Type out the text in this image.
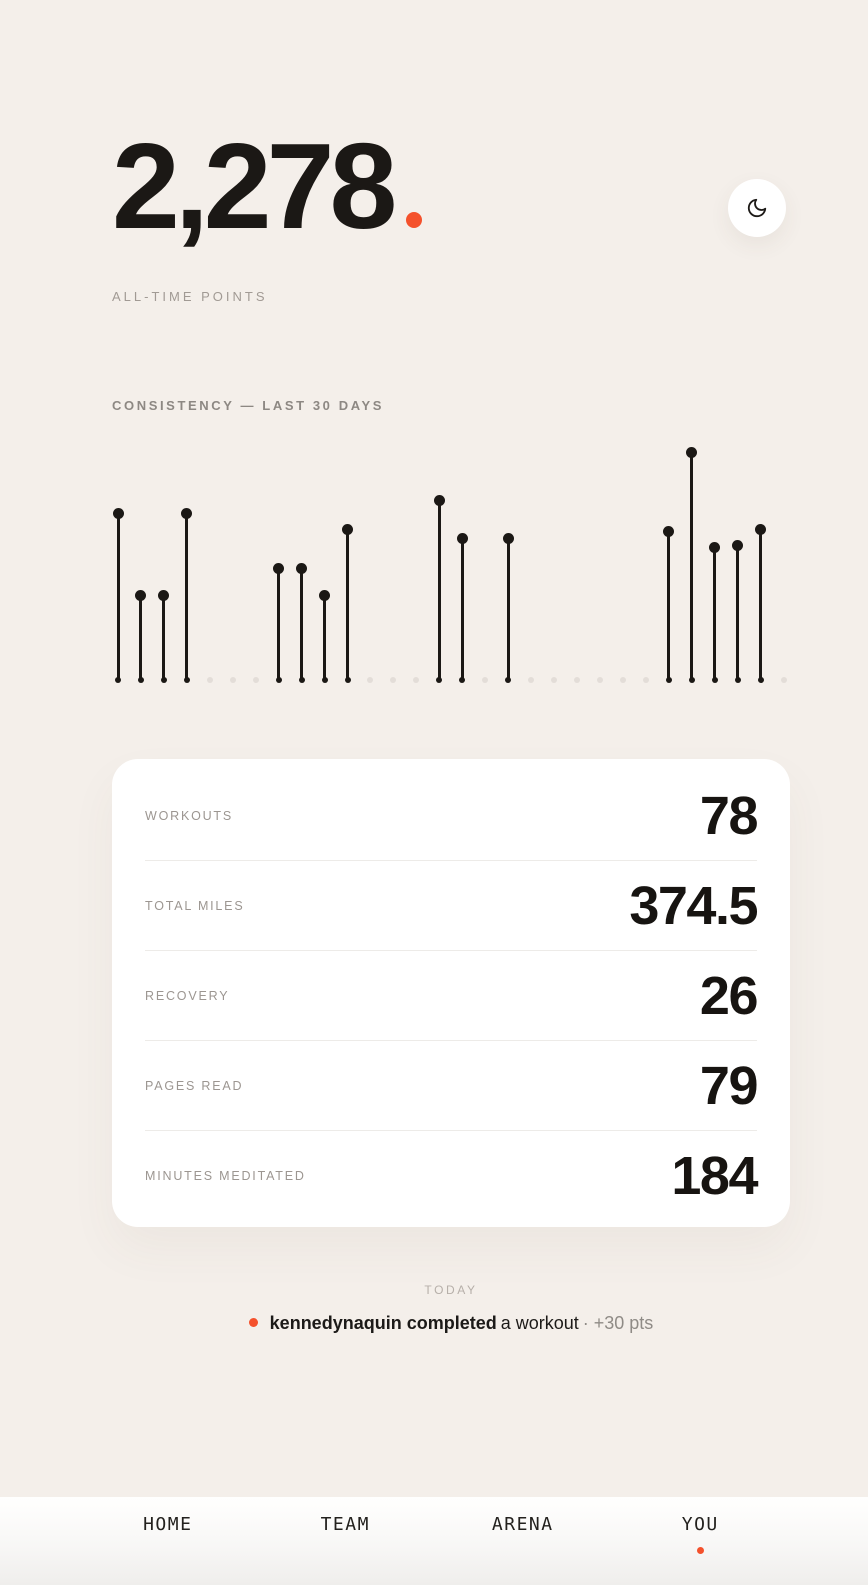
2,278
ALL-TIME POINTS
CONSISTENCY — LAST 30 DAYS
WORKOUTS	78
TOTAL MILES	374.5
RECOVERY	26
PAGES READ	79
MINUTES MEDITATED	184
TODAY
kennedynaquin completed a workout · +30 pts
HOME	TEAM	ARENA	YOU
